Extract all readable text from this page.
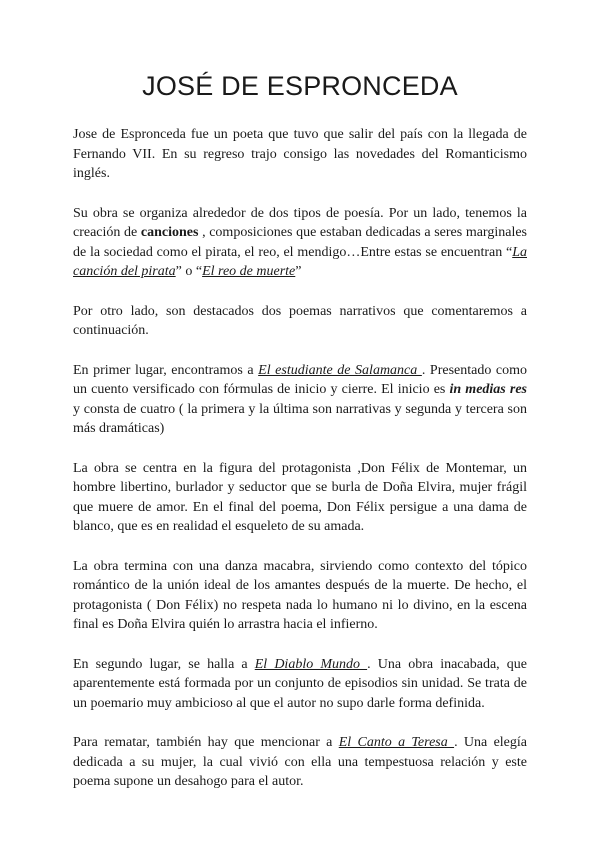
JOSÉ DE ESPRONCEDA

Jose de Espronceda fue un poeta que tuvo que salir del país con la llegada de Fernando VII. En su regreso trajo consigo las novedades del Romanticismo inglés.

Su obra se organiza alrededor de dos tipos de poesía. Por un lado, tenemos la creación de canciones , composiciones que estaban dedicadas a seres marginales de la sociedad como el pirata, el reo, el mendigo…Entre estas se encuentran “La canción del pirata” o “El reo de muerte”

Por otro lado, son destacados dos poemas narrativos que comentaremos a continuación.

En primer lugar, encontramos a El estudiante de Salamanca . Presentado como un cuento versificado con fórmulas de inicio y cierre. El inicio es in medias res y consta de cuatro ( la primera y la última son narrativas y segunda y tercera son más dramáticas)

La obra se centra en la figura del protagonista ,Don Félix de Montemar, un hombre libertino, burlador y seductor que se burla de Doña Elvira, mujer frágil que muere de amor. En el final del poema, Don Félix persigue a una dama de blanco, que es en realidad el esqueleto de su amada.

La obra termina con una danza macabra, sirviendo como contexto del tópico romántico de la unión ideal de los amantes después de la muerte. De hecho, el protagonista ( Don Félix) no respeta nada lo humano ni lo divino, en la escena final es Doña Elvira quién lo arrastra hacia el infierno.

En segundo lugar, se halla a El Diablo Mundo . Una obra inacabada, que aparentemente está formada por un conjunto de episodios sin unidad. Se trata de un poemario muy ambicioso al que el autor no supo darle forma definida.

Para rematar, también hay que mencionar a El Canto a Teresa . Una elegía dedicada a su mujer, la cual vivió con ella una tempestuosa relación y este poema supone un desahogo para el autor.
